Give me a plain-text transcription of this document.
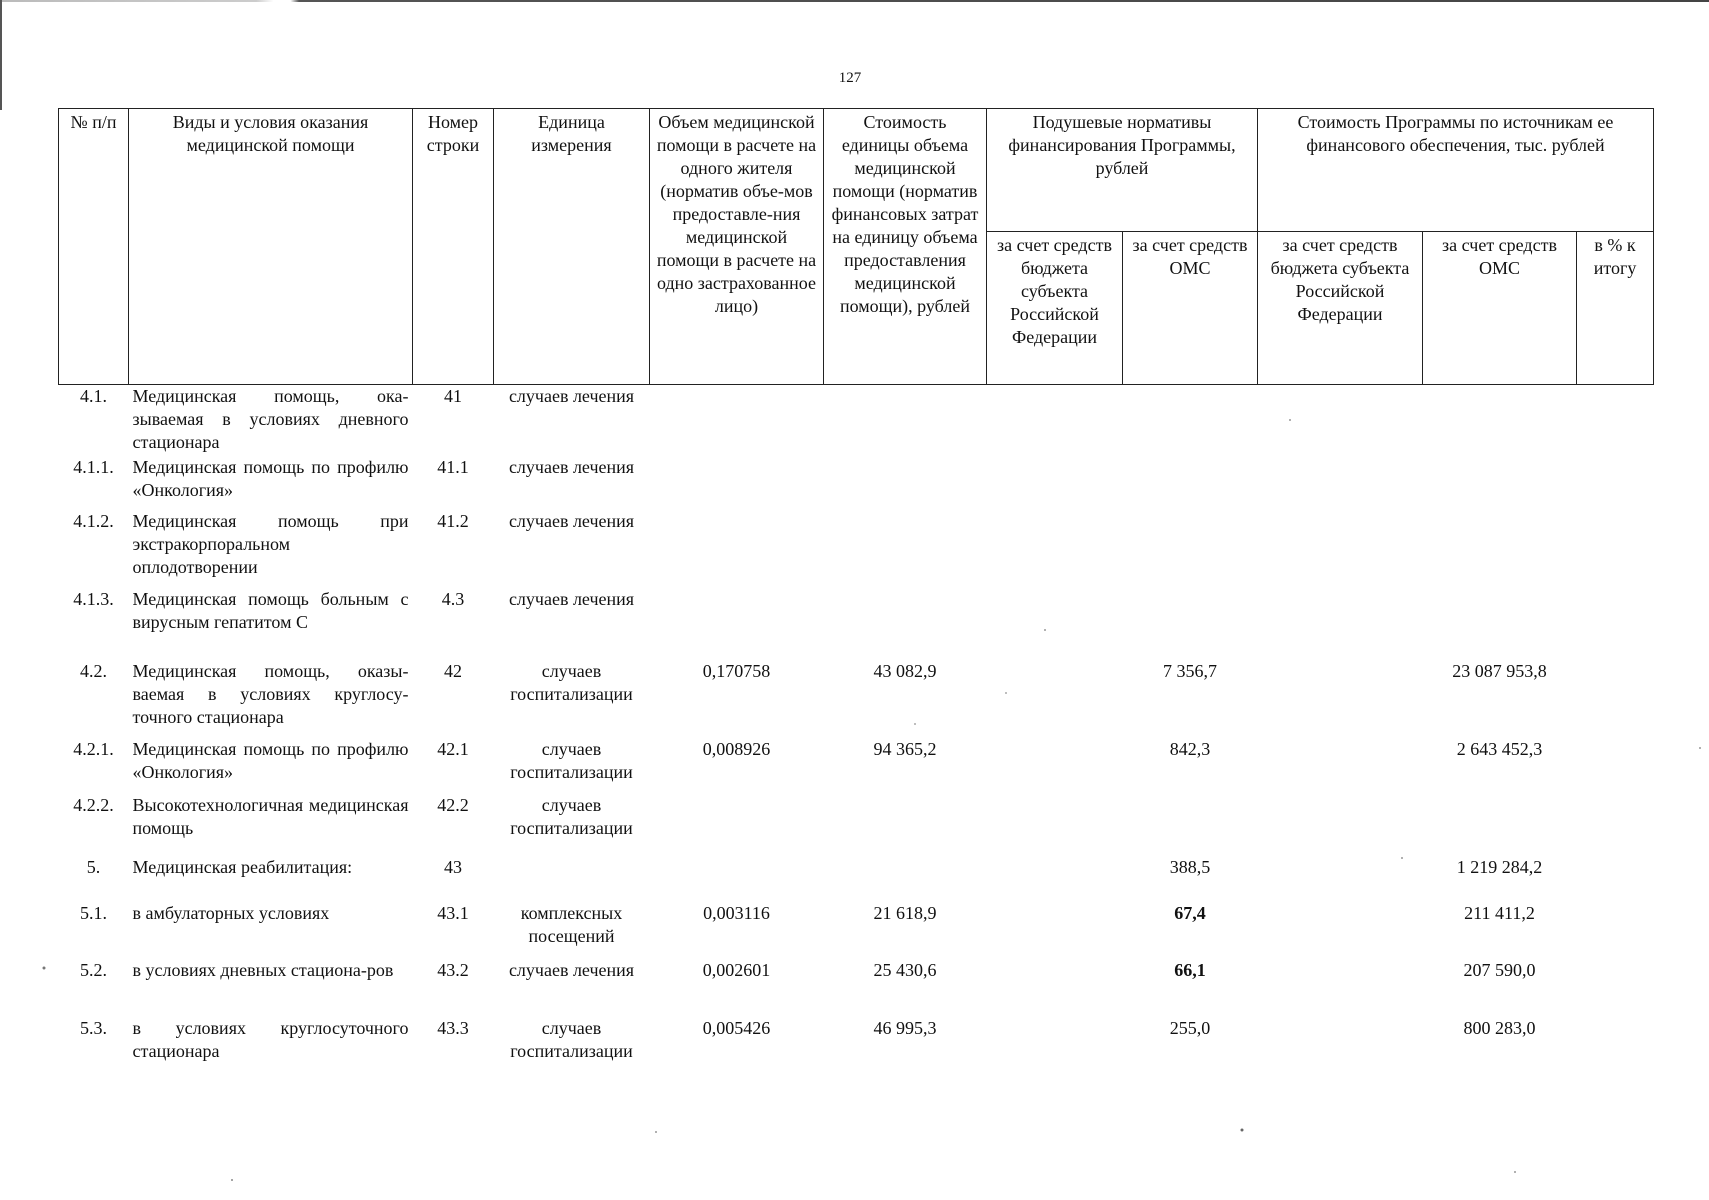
127
№ п/п	Виды и условия оказания медицинской помощи	Номер строки	Единица измерения	Объем медицинской помощи в расчете на одного жителя (норматив объе-мов предоставле-ния медицинской помощи в расчете на одно застрахованное лицо)	Стоимость единицы объема медицинской помощи (норматив финансовых затрат на единицу объема предоставления медицинской помощи), рублей	Подушевые нормативы финансирования Программы, рублей		Стоимость Программы по источникам ее финансового обеспечения, тыс. рублей		
						за счет средств бюджета субъекта Российской Федерации	за счет средств ОМС	за счет средств бюджета субъекта Российской Федерации	за счет средств ОМС	в % к итогу
4.1.	Медицинская помощь, ока-зываемая в условиях дневного стационара	41	случаев лечения							
4.1.1.	Медицинская помощь по профилю «Онкология»	41.1	случаев лечения							
4.1.2.	Медицинская помощь при экстракорпоральном оплодотворении	41.2	случаев лечения							
4.1.3.	Медицинская помощь больным с вирусным гепатитом С	4.3	случаев лечения							
4.2.	Медицинская помощь, оказы-ваемая в условиях круглосу-точного стационара	42	случаев госпитализации	0,170758	43 082,9		7 356,7		23 087 953,8	
4.2.1.	Медицинская помощь по профилю «Онкология»	42.1	случаев госпитализации	0,008926	94 365,2		842,3		2 643 452,3	
4.2.2.	Высокотехнологичная медицинская помощь	42.2	случаев госпитализации							
5.	Медицинская реабилитация:	43					388,5		1 219 284,2	
5.1.	в амбулаторных условиях	43.1	комплексных посещений	0,003116	21 618,9		67,4		211 411,2	
5.2.	в условиях дневных стациона-ров	43.2	случаев лечения	0,002601	25 430,6		66,1		207 590,0	
5.3.	в условиях круглосуточного стационара	43.3	случаев госпитализации	0,005426	46 995,3		255,0		800 283,0	
